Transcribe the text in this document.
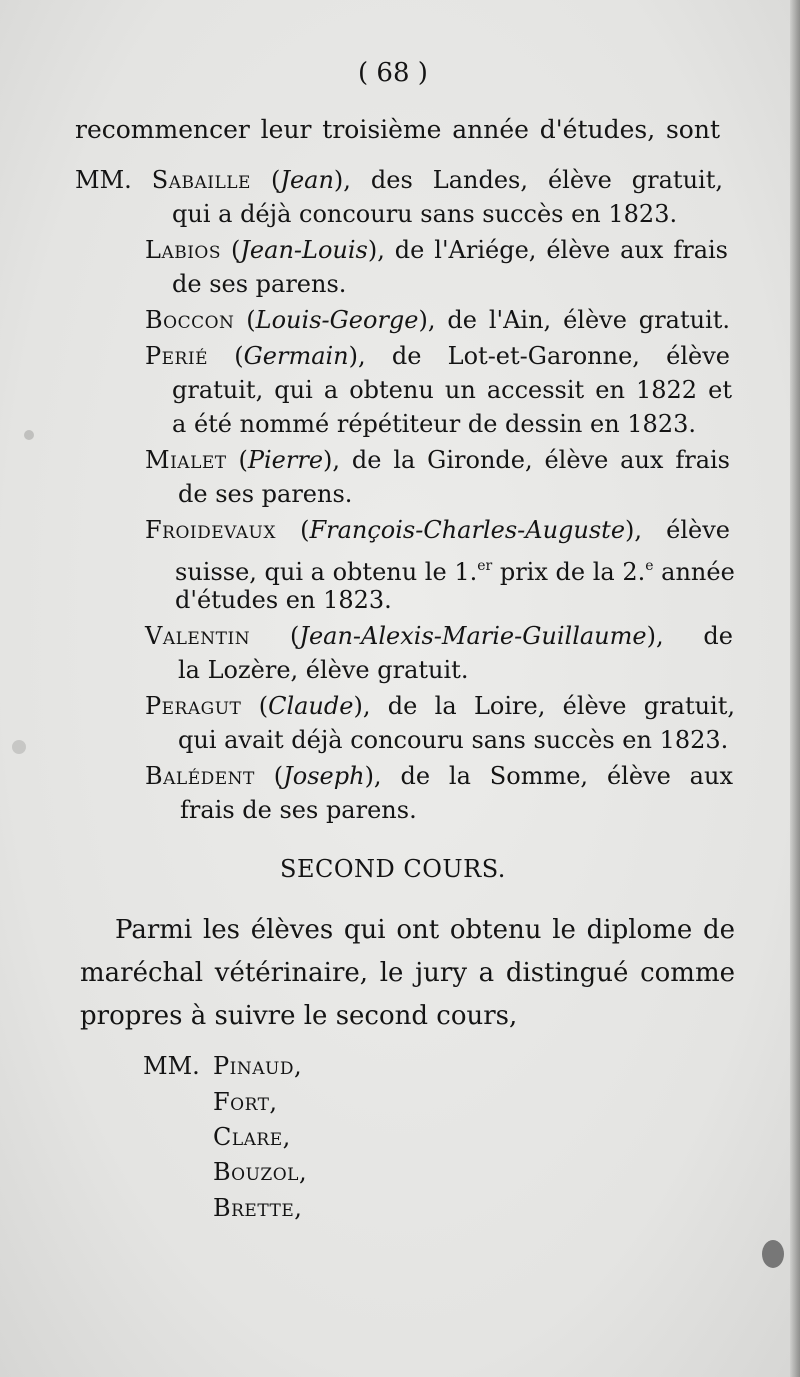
( 68 )
recommencer leur troisième année d'études, sont
MM. Sabaille (Jean), des Landes, élève gratuit,
qui a déjà concouru sans succès en 1823.
Labios (Jean-Louis), de l'Ariége, élève aux frais
de ses parens.
Boccon (Louis-George), de l'Ain, élève gratuit.
Perié (Germain), de Lot-et-Garonne, élève
gratuit, qui a obtenu un accessit en 1822 et
a été nommé répétiteur de dessin en 1823.
Mialet (Pierre), de la Gironde, élève aux frais
de ses parens.
Froidevaux (François-Charles-Auguste), élève
suisse, qui a obtenu le 1.$^{er}$ prix de la 2.$^e$ année
d'études en 1823.
Valentin (Jean-Alexis-Marie-Guillaume), de
la Lozère, élève gratuit.
Peragut (Claude), de la Loire, élève gratuit,
qui avait déjà concouru sans succès en 1823.
Balédent (Joseph), de la Somme, élève aux
frais de ses parens.
SECOND COURS.
Parmi les élèves qui ont obtenu le diplome de
maréchal vétérinaire, le jury a distingué comme
propres à suivre le second cours,
MM. Pinaud,
Fort,
Clare,
Bouzol,
Brette,
